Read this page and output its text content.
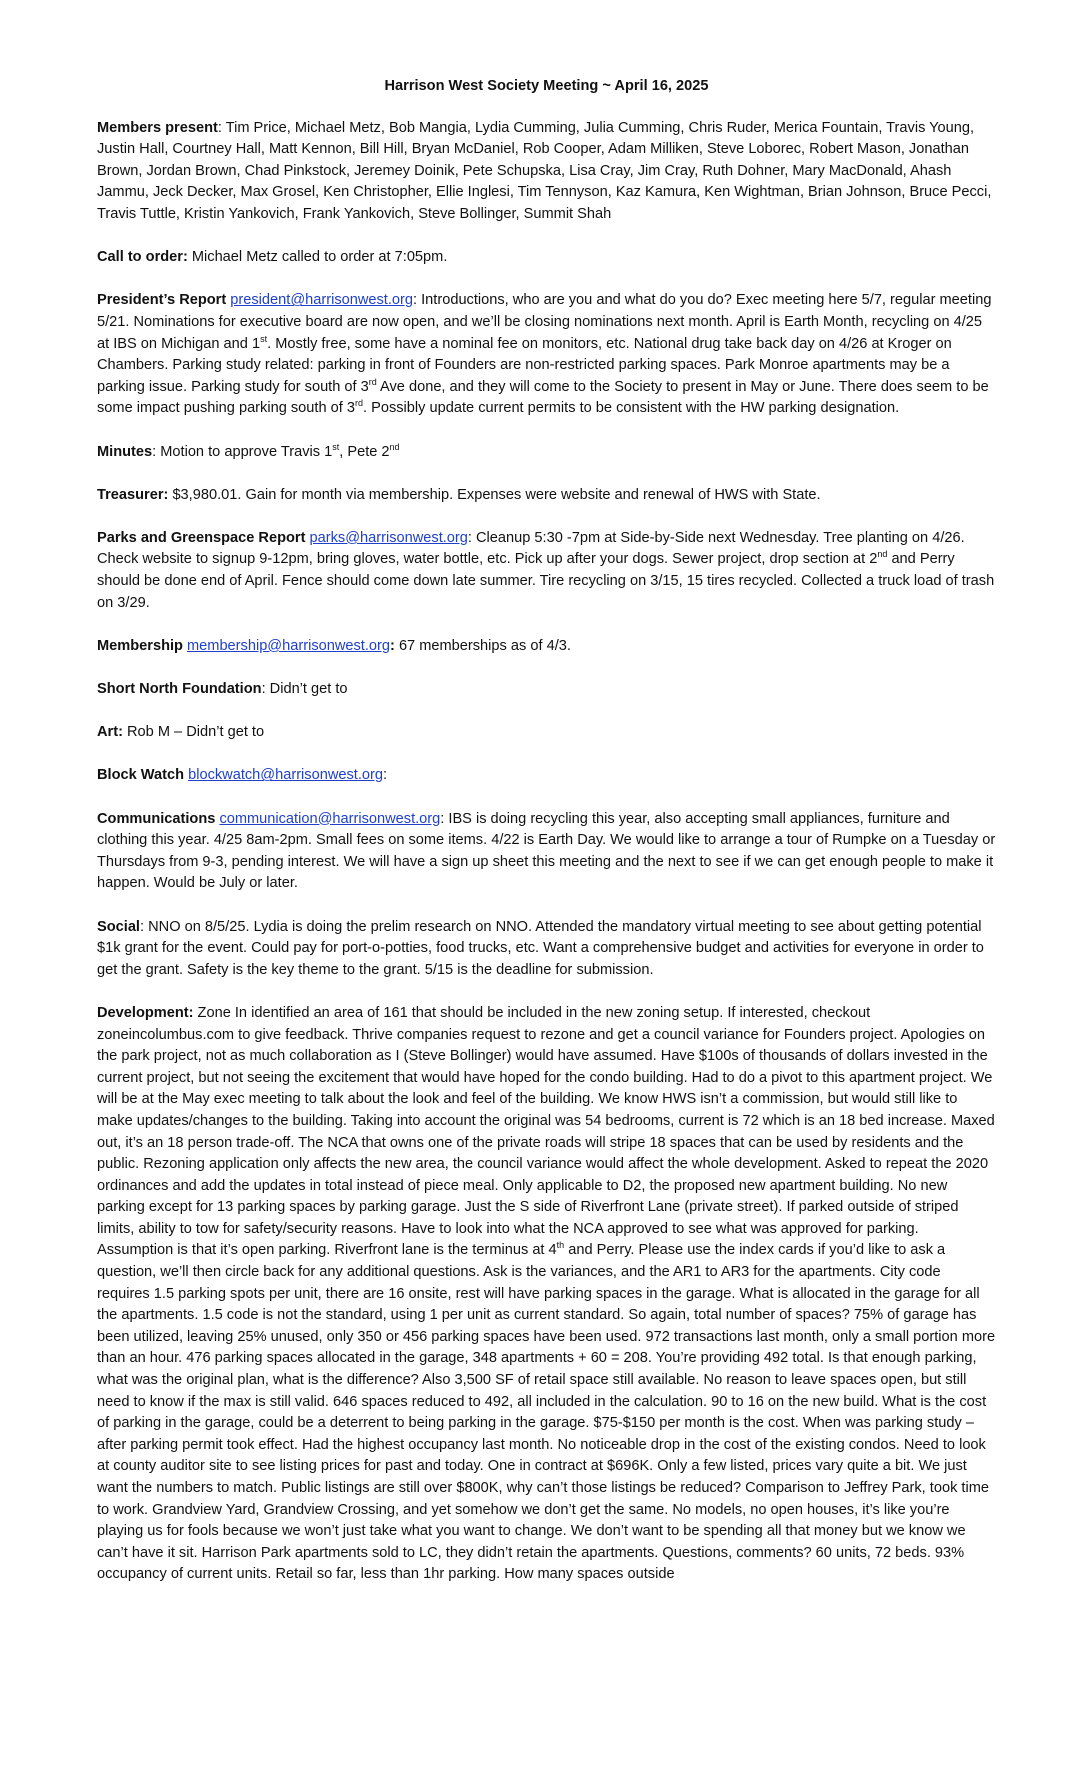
Harrison West Society Meeting ~ April 16, 2025

Members present: Tim Price, Michael Metz, Bob Mangia, Lydia Cumming, Julia Cumming, Chris Ruder, Merica Fountain, Travis Young, Justin Hall, Courtney Hall, Matt Kennon, Bill Hill, Bryan McDaniel, Rob Cooper, Adam Milliken, Steve Loborec, Robert Mason, Jonathan Brown, Jordan Brown, Chad Pinkstock, Jeremey Doinik, Pete Schupska, Lisa Cray, Jim Cray, Ruth Dohner, Mary MacDonald, Ahash Jammu, Jeck Decker, Max Grosel, Ken Christopher, Ellie Inglesi, Tim Tennyson, Kaz Kamura, Ken Wightman, Brian Johnson, Bruce Pecci, Travis Tuttle, Kristin Yankovich, Frank Yankovich, Steve Bollinger, Summit Shah

Call to order: Michael Metz called to order at 7:05pm.

President’s Report president@harrisonwest.org: Introductions, who are you and what do you do? Exec meeting here 5/7, regular meeting 5/21. Nominations for executive board are now open, and we’ll be closing nominations next month. April is Earth Month, recycling on 4/25 at IBS on Michigan and 1st. Mostly free, some have a nominal fee on monitors, etc. National drug take back day on 4/26 at Kroger on Chambers. Parking study related: parking in front of Founders are non-restricted parking spaces. Park Monroe apartments may be a parking issue. Parking study for south of 3rd Ave done, and they will come to the Society to present in May or June. There does seem to be some impact pushing parking south of 3rd. Possibly update current permits to be consistent with the HW parking designation.

Minutes: Motion to approve Travis 1st, Pete 2nd

Treasurer: $3,980.01. Gain for month via membership. Expenses were website and renewal of HWS with State.

Parks and Greenspace Report parks@harrisonwest.org: Cleanup 5:30 -7pm at Side-by-Side next Wednesday. Tree planting on 4/26. Check website to signup 9-12pm, bring gloves, water bottle, etc. Pick up after your dogs. Sewer project, drop section at 2nd and Perry should be done end of April. Fence should come down late summer. Tire recycling on 3/15, 15 tires recycled. Collected a truck load of trash on 3/29.

Membership membership@harrisonwest.org: 67 memberships as of 4/3.

Short North Foundation: Didn’t get to

Art: Rob M – Didn’t get to

Block Watch blockwatch@harrisonwest.org:

Communications communication@harrisonwest.org: IBS is doing recycling this year, also accepting small appliances, furniture and clothing this year. 4/25 8am-2pm. Small fees on some items. 4/22 is Earth Day. We would like to arrange a tour of Rumpke on a Tuesday or Thursdays from 9-3, pending interest. We will have a sign up sheet this meeting and the next to see if we can get enough people to make it happen. Would be July or later.

Social: NNO on 8/5/25. Lydia is doing the prelim research on NNO. Attended the mandatory virtual meeting to see about getting potential $1k grant for the event. Could pay for port-o-potties, food trucks, etc. Want a comprehensive budget and activities for everyone in order to get the grant. Safety is the key theme to the grant. 5/15 is the deadline for submission.

Development: Zone In identified an area of 161 that should be included in the new zoning setup. If interested, checkout zoneincolumbus.com to give feedback. Thrive companies request to rezone and get a council variance for Founders project. Apologies on the park project, not as much collaboration as I (Steve Bollinger) would have assumed. Have $100s of thousands of dollars invested in the current project, but not seeing the excitement that would have hoped for the condo building. Had to do a pivot to this apartment project. We will be at the May exec meeting to talk about the look and feel of the building. We know HWS isn’t a commission, but would still like to make updates/changes to the building. Taking into account the original was 54 bedrooms, current is 72 which is an 18 bed increase. Maxed out, it’s an 18 person trade-off. The NCA that owns one of the private roads will stripe 18 spaces that can be used by residents and the public. Rezoning application only affects the new area, the council variance would affect the whole development. Asked to repeat the 2020 ordinances and add the updates in total instead of piece meal. Only applicable to D2, the proposed new apartment building. No new parking except for 13 parking spaces by parking garage. Just the S side of Riverfront Lane (private street). If parked outside of striped limits, ability to tow for safety/security reasons. Have to look into what the NCA approved to see what was approved for parking. Assumption is that it’s open parking. Riverfront lane is the terminus at 4th and Perry. Please use the index cards if you’d like to ask a question, we’ll then circle back for any additional questions. Ask is the variances, and the AR1 to AR3 for the apartments. City code requires 1.5 parking spots per unit, there are 16 onsite, rest will have parking spaces in the garage. What is allocated in the garage for all the apartments. 1.5 code is not the standard, using 1 per unit as current standard. So again, total number of spaces? 75% of garage has been utilized, leaving 25% unused, only 350 or 456 parking spaces have been used. 972 transactions last month, only a small portion more than an hour. 476 parking spaces allocated in the garage, 348 apartments + 60 = 208. You’re providing 492 total. Is that enough parking, what was the original plan, what is the difference? Also 3,500 SF of retail space still available. No reason to leave spaces open, but still need to know if the max is still valid. 646 spaces reduced to 492, all included in the calculation. 90 to 16 on the new build. What is the cost of parking in the garage, could be a deterrent to being parking in the garage. $75-$150 per month is the cost. When was parking study – after parking permit took effect. Had the highest occupancy last month. No noticeable drop in the cost of the existing condos. Need to look at county auditor site to see listing prices for past and today. One in contract at $696K. Only a few listed, prices vary quite a bit. We just want the numbers to match. Public listings are still over $800K, why can’t those listings be reduced? Comparison to Jeffrey Park, took time to work. Grandview Yard, Grandview Crossing, and yet somehow we don’t get the same. No models, no open houses, it’s like you’re playing us for fools because we won’t just take what you want to change. We don’t want to be spending all that money but we know we can’t have it sit. Harrison Park apartments sold to LC, they didn’t retain the apartments. Questions, comments? 60 units, 72 beds. 93% occupancy of current units. Retail so far, less than 1hr parking. How many spaces outside
